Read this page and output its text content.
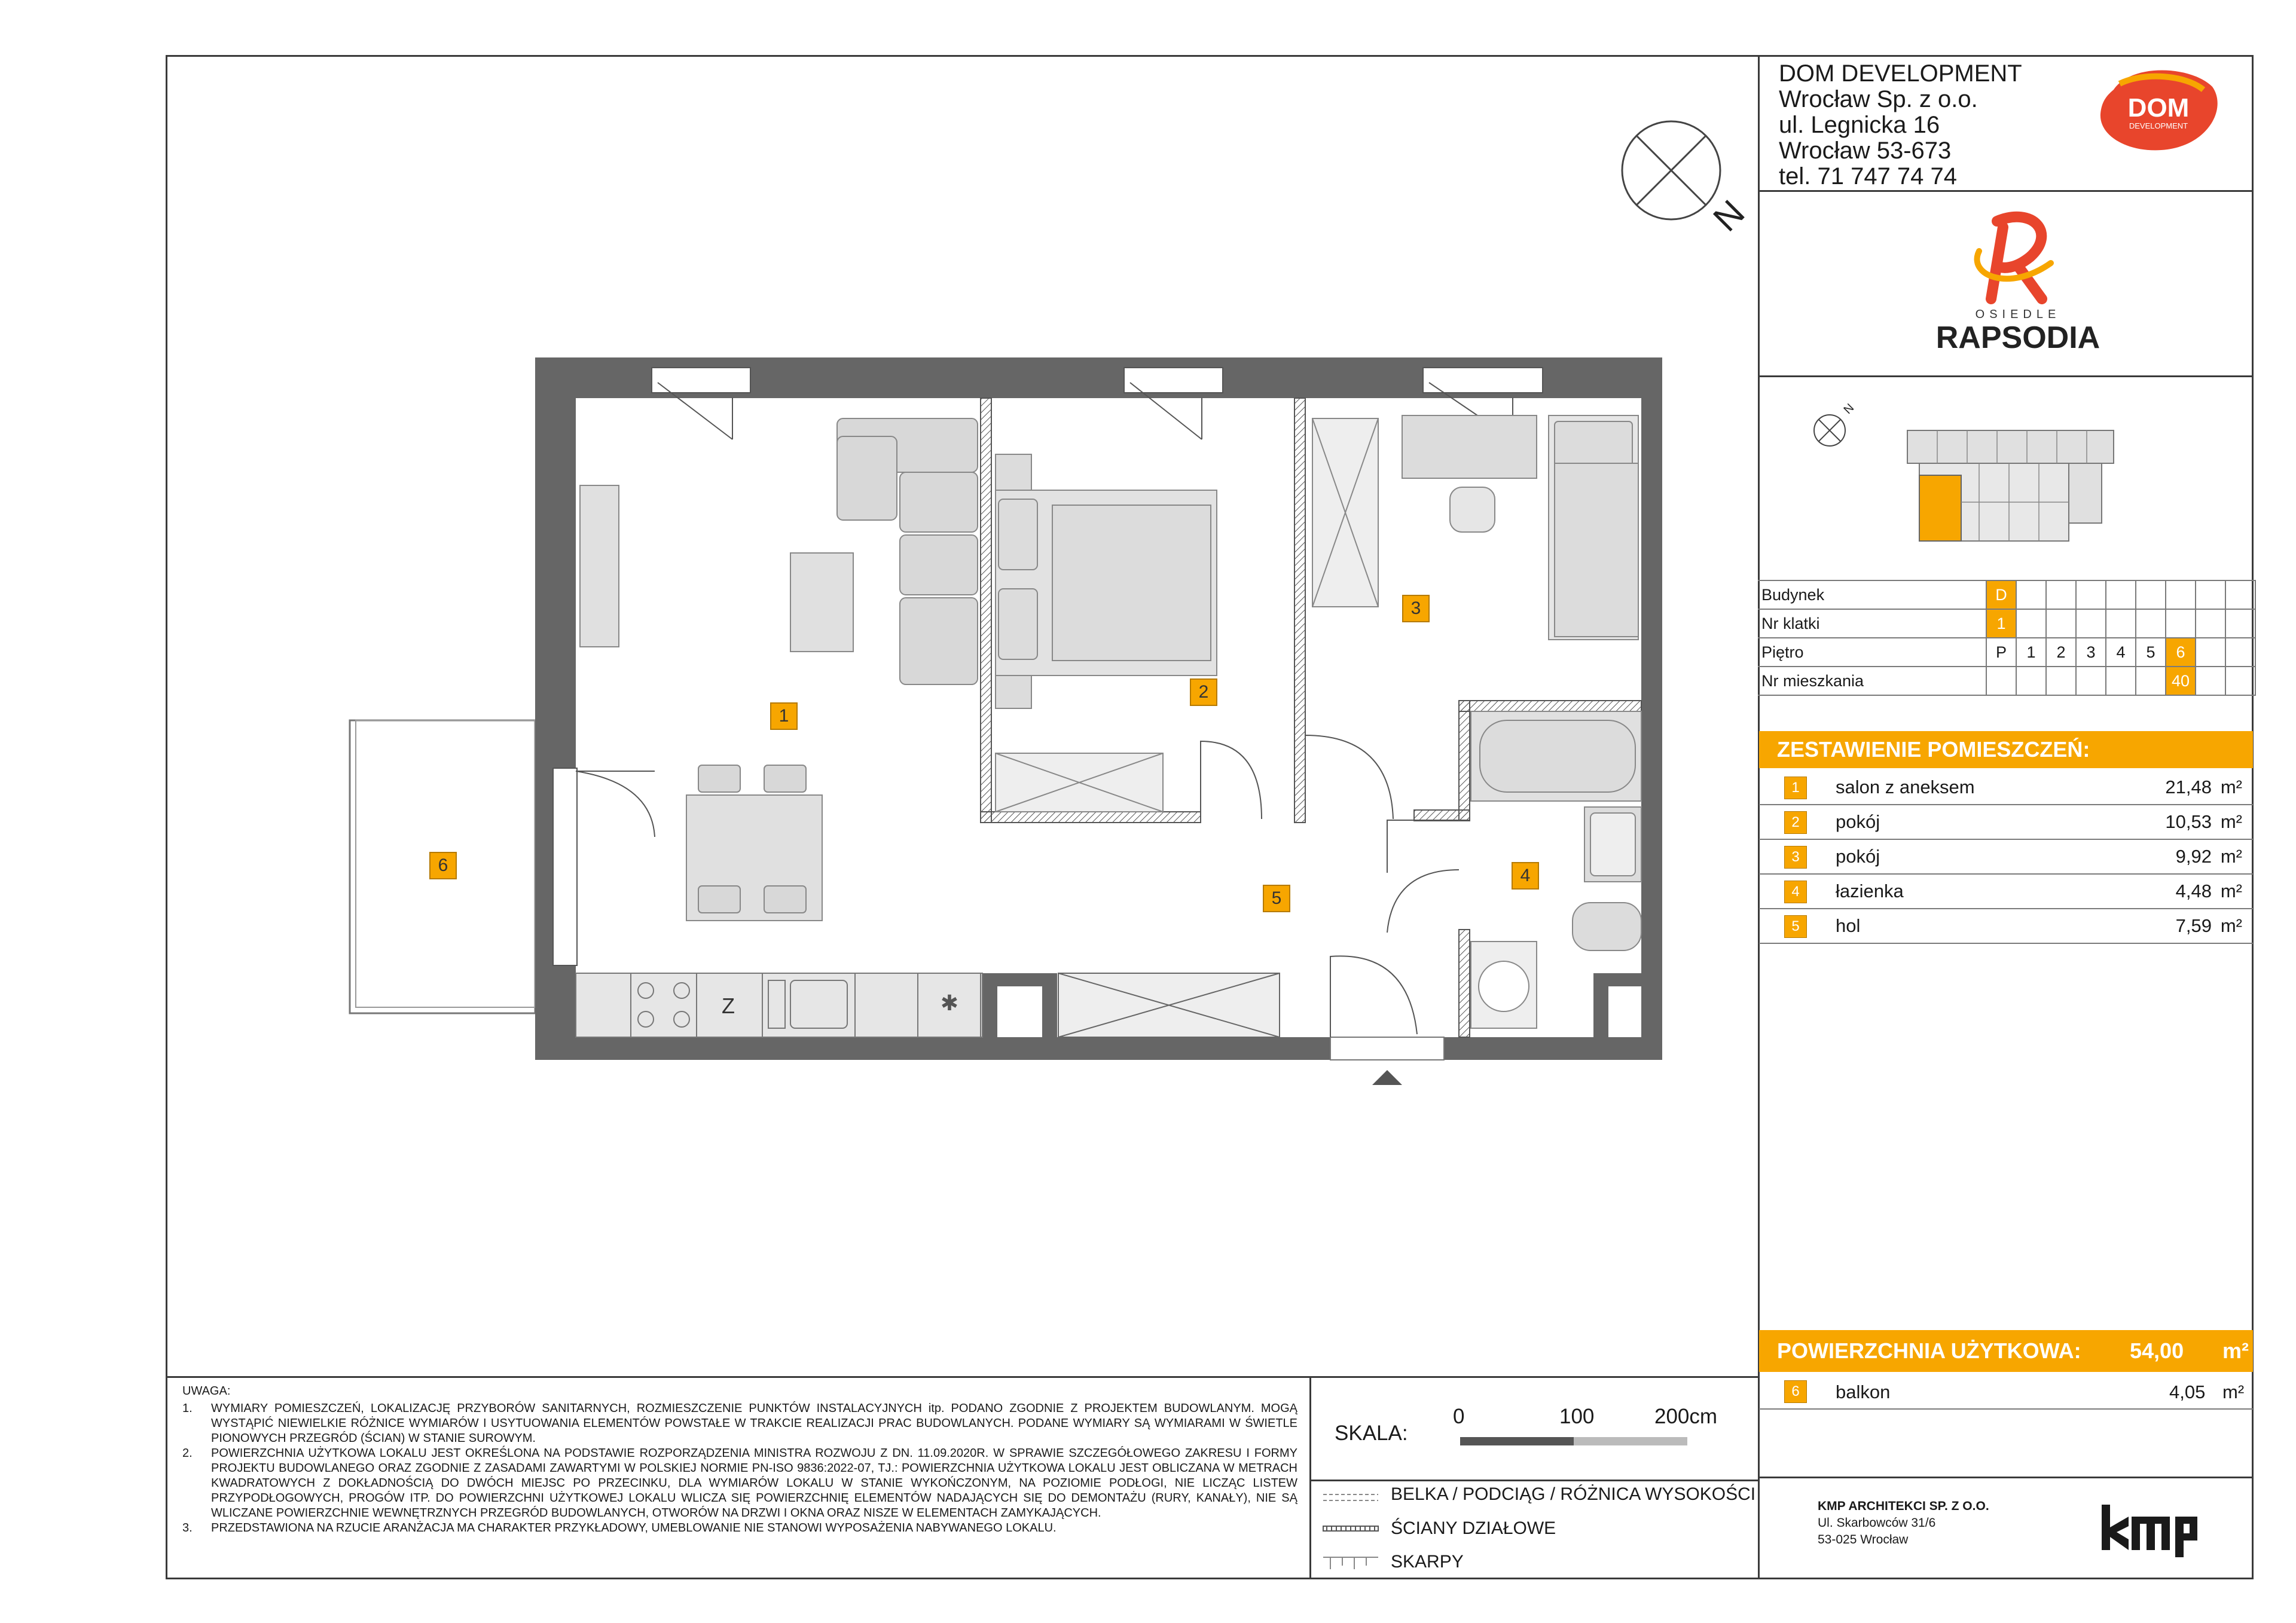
DOM DEVELOPMENT
Wrocław Sp. z o.o.
ul. Legnicka 16
Wrocław 53-673
tel. 71 747 74 74
DOM
DEVELOPMENT
OSIEDLE
RAPSODIA
N
N
Budynek	D								
Nr klatki	1								
Piętro	P	1	2	3	4	5	6		
Nr mieszkania							40		
ZESTAWIENIE POMIESZCZEŃ:
1	salon z aneksem	21,48	m²
2	pokój	10,53	m²
3	pokój	9,92	m²
4	łazienka	4,48	m²
5	hol	7,59	m²
POWIERZCHNIA UŻYTKOWA: 54,00 m²
6	balkon	4,05 m²
UWAGA:
1.	WYMIARY POMIESZCZEŃ, LOKALIZACJĘ PRZYBORÓW SANITARNYCH, ROZMIESZCZENIE PUNKTÓW INSTALACYJNYCH itp. PODANO ZGODNIE Z PROJEKTEM BUDOWLANYM. MOGĄ WYSTĄPIĆ NIEWIELKIE RÓŻNICE WYMIARÓW I USYTUOWANIA ELEMENTÓW POWSTAŁE W TRAKCIE REALIZACJI PRAC BUDOWLANYCH. PODANE WYMIARY SĄ WYMIARAMI W ŚWIETLE PIONOWYCH PRZEGRÓD (ŚCIAN) W STANIE SUROWYM.
2.	POWIERZCHNIA UŻYTKOWA LOKALU JEST OKREŚLONA NA PODSTAWIE ROZPORZĄDZENIA MINISTRA ROZWOJU Z DN. 11.09.2020R. W SPRAWIE SZCZEGÓŁOWEGO ZAKRESU I FORMY PROJEKTU BUDOWLANEGO ORAZ ZGODNIE Z ZASADAMI ZAWARTYMI W POLSKIEJ NORMIE PN-ISO 9836:2022-07, TJ.: POWIERZCHNIA UŻYTKOWA LOKALU JEST OBLICZANA W METRACH KWADRATOWYCH Z DOKŁADNOŚCIĄ DO DWÓCH MIEJSC PO PRZECINKU, DLA WYMIARÓW LOKALU W STANIE WYKOŃCZONYM, NA POZIOMIE PODŁOGI, NIE LICZĄC LISTEW PRZYPODŁOGOWYCH, PROGÓW ITP. DO POWIERZCHNI UŻYTKOWEJ LOKALU WLICZA SIĘ POWIERZCHNIĘ ELEMENTÓW NADAJĄCYCH SIĘ DO DEMONTAŻU (RURY, KANAŁY), NIE SĄ WLICZANE POWIERZCHNIE WEWNĘTRZNYCH PRZEGRÓD BUDOWLANYCH, OTWORÓW NA DRZWI I OKNA ORAZ NISZE W ELEMENTACH ZAMYKAJĄCYCH.
3.	PRZEDSTAWIONA NA RZUCIE ARANŻACJA MA CHARAKTER PRZYKŁADOWY, UMEBLOWANIE NIE STANOWI WYPOSAŻENIA NABYWANEGO LOKALU.
SKALA:
0	100	200cm
BELKA / PODCIĄG / RÓŻNICA WYSOKOŚCI
ŚCIANY DZIAŁOWE
SKARPY
KMP ARCHITEKCI SP. Z O.O.
Ul. Skarbowców 31/6
53-025 Wrocław
Z	✱
1
2
3
4
5
6
